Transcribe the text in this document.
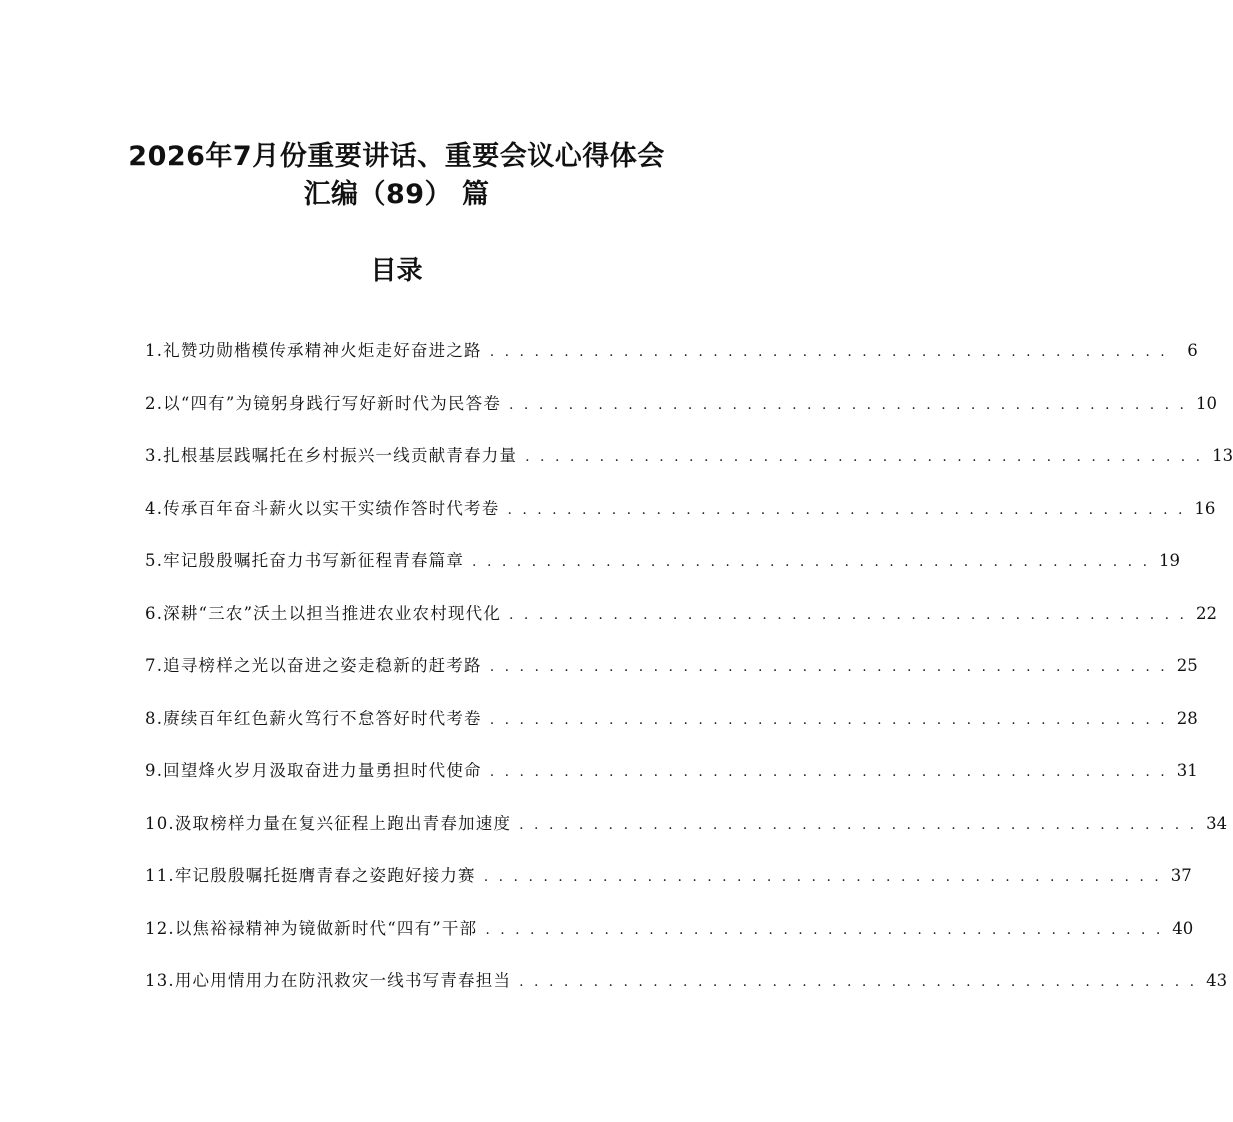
2026年7月份重要讲话、重要会议心得体会
汇编（89） 篇
目录
1.礼赞功勋楷模传承精神火炬走好奋进之路 . . .	6
2.以“四有”为镜躬身践行写好新时代为民答卷 . . .	10
3.扎根基层践嘱托在乡村振兴一线贡献青春力量 . . .	13
4.传承百年奋斗薪火以实干实绩作答时代考卷 . . .	16
5.牢记殷殷嘱托奋力书写新征程青春篇章 . . .	19
6.深耕“三农”沃土以担当推进农业农村现代化 . . .	22
7.追寻榜样之光以奋进之姿走稳新的赶考路 . . .	25
8.赓续百年红色薪火笃行不怠答好时代考卷 . . .	28
9.回望烽火岁月汲取奋进力量勇担时代使命 . . .	31
10.汲取榜样力量在复兴征程上跑出青春加速度 . . .	34
11.牢记殷殷嘱托挺膺青春之姿跑好接力赛 . . .	37
12.以焦裕禄精神为镜做新时代“四有”干部 . . .	40
13.用心用情用力在防汛救灾一线书写青春担当 . . .	43
